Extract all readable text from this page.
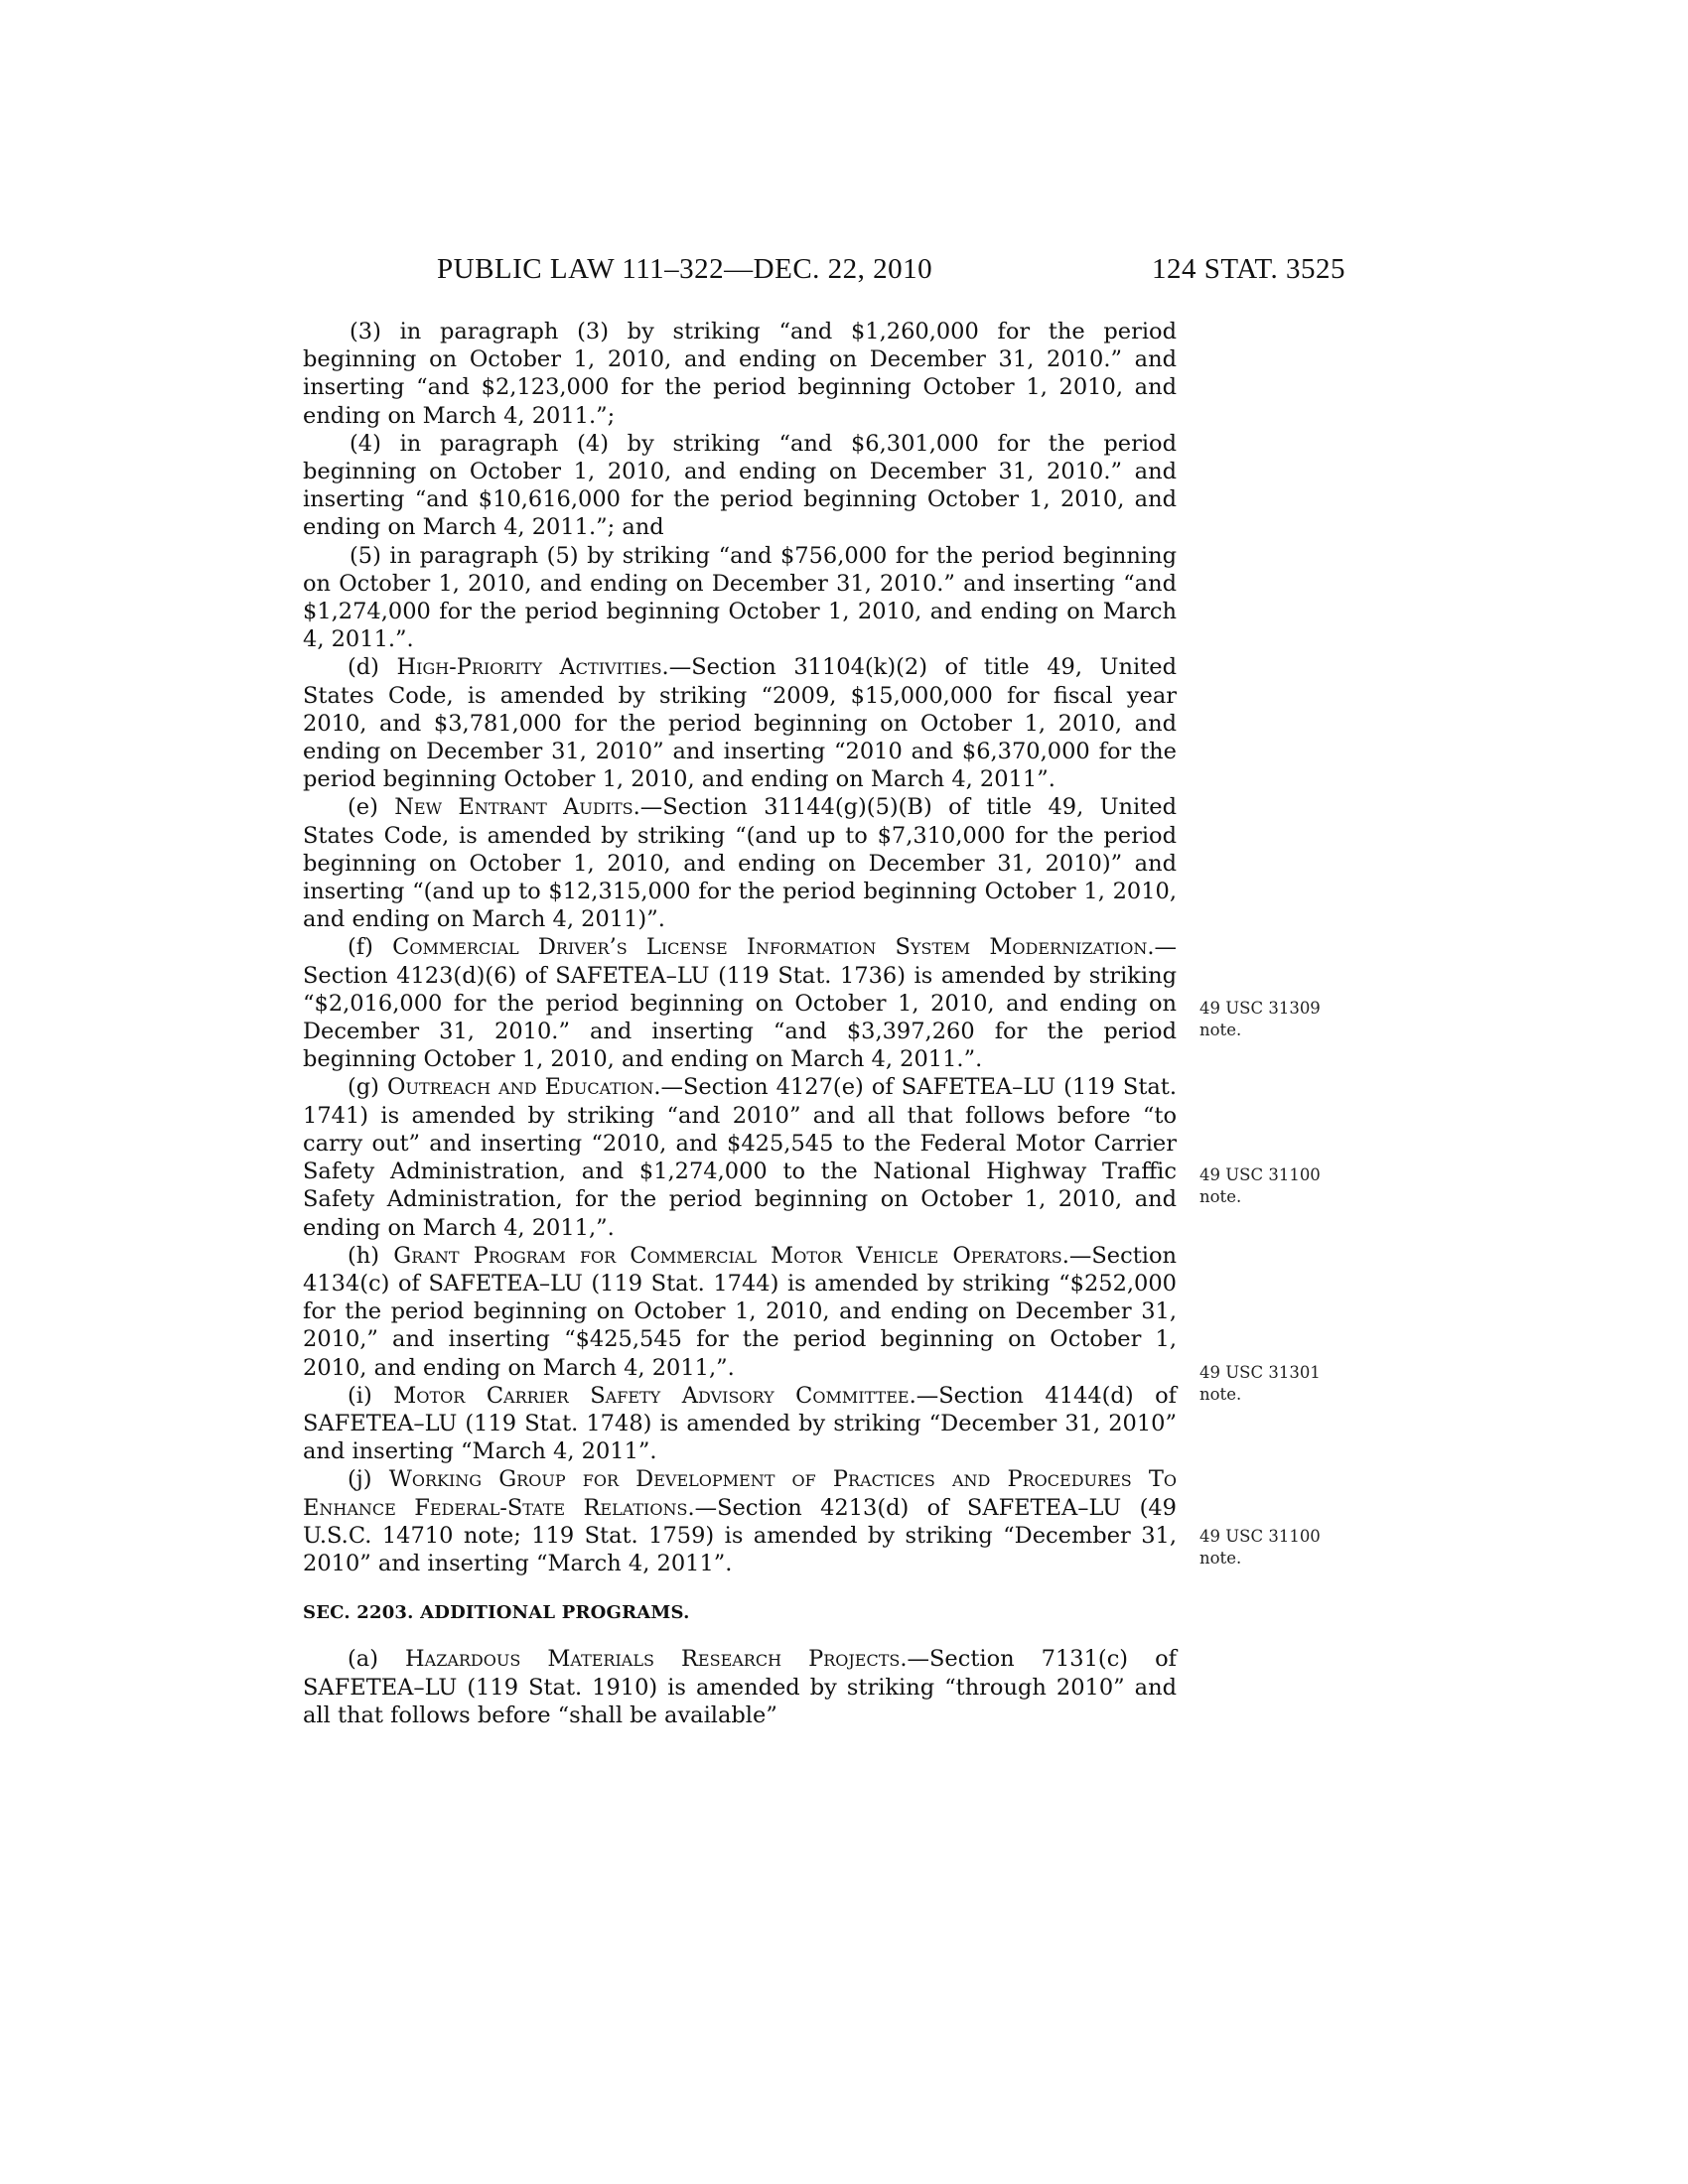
PUBLIC LAW 111–322—DEC. 22, 2010	124 STAT. 3525

(3) in paragraph (3) by striking “and $1,260,000 for the period beginning on October 1, 2010, and ending on December 31, 2010.” and inserting “and $2,123,000 for the period beginning October 1, 2010, and ending on March 4, 2011.”;

(4) in paragraph (4) by striking “and $6,301,000 for the period beginning on October 1, 2010, and ending on December 31, 2010.” and inserting “and $10,616,000 for the period beginning October 1, 2010, and ending on March 4, 2011.”; and

(5) in paragraph (5) by striking “and $756,000 for the period beginning on October 1, 2010, and ending on December 31, 2010.” and inserting “and $1,274,000 for the period beginning October 1, 2010, and ending on March 4, 2011.”.

(d) High-Priority Activities.—Section 31104(k)(2) of title 49, United States Code, is amended by striking “2009, $15,000,000 for fiscal year 2010, and $3,781,000 for the period beginning on October 1, 2010, and ending on December 31, 2010” and inserting “2010 and $6,370,000 for the period beginning October 1, 2010, and ending on March 4, 2011”.

(e) New Entrant Audits.—Section 31144(g)(5)(B) of title 49, United States Code, is amended by striking “(and up to $7,310,000 for the period beginning on October 1, 2010, and ending on December 31, 2010)” and inserting “(and up to $12,315,000 for the period beginning October 1, 2010, and ending on March 4, 2011)”.

(f) Commercial Driver’s License Information System Modernization.—Section 4123(d)(6) of SAFETEA–LU (119 Stat. 1736) is amended by striking “$2,016,000 for the period beginning on October 1, 2010, and ending on December 31, 2010.” and inserting “and $3,397,260 for the period beginning October 1, 2010, and ending on March 4, 2011.”.

(g) Outreach and Education.—Section 4127(e) of SAFETEA–LU (119 Stat. 1741) is amended by striking “and 2010” and all that follows before “to carry out” and inserting “2010, and $425,545 to the Federal Motor Carrier Safety Administration, and $1,274,000 to the National Highway Traffic Safety Administration, for the period beginning on October 1, 2010, and ending on March 4, 2011,”.

(h) Grant Program for Commercial Motor Vehicle Operators.—Section 4134(c) of SAFETEA–LU (119 Stat. 1744) is amended by striking “$252,000 for the period beginning on October 1, 2010, and ending on December 31, 2010,” and inserting “$425,545 for the period beginning on October 1, 2010, and ending on March 4, 2011,”.

(i) Motor Carrier Safety Advisory Committee.—Section 4144(d) of SAFETEA–LU (119 Stat. 1748) is amended by striking “December 31, 2010” and inserting “March 4, 2011”.

(j) Working Group for Development of Practices and Procedures To Enhance Federal-State Relations.—Section 4213(d) of SAFETEA–LU (49 U.S.C. 14710 note; 119 Stat. 1759) is amended by striking “December 31, 2010” and inserting “March 4, 2011”.

SEC. 2203. ADDITIONAL PROGRAMS.

(a) Hazardous Materials Research Projects.—Section 7131(c) of SAFETEA–LU (119 Stat. 1910) is amended by striking “through 2010” and all that follows before “shall be available”

49 USC 31309
note.
49 USC 31100
note.
49 USC 31301
note.
49 USC 31100
note.
